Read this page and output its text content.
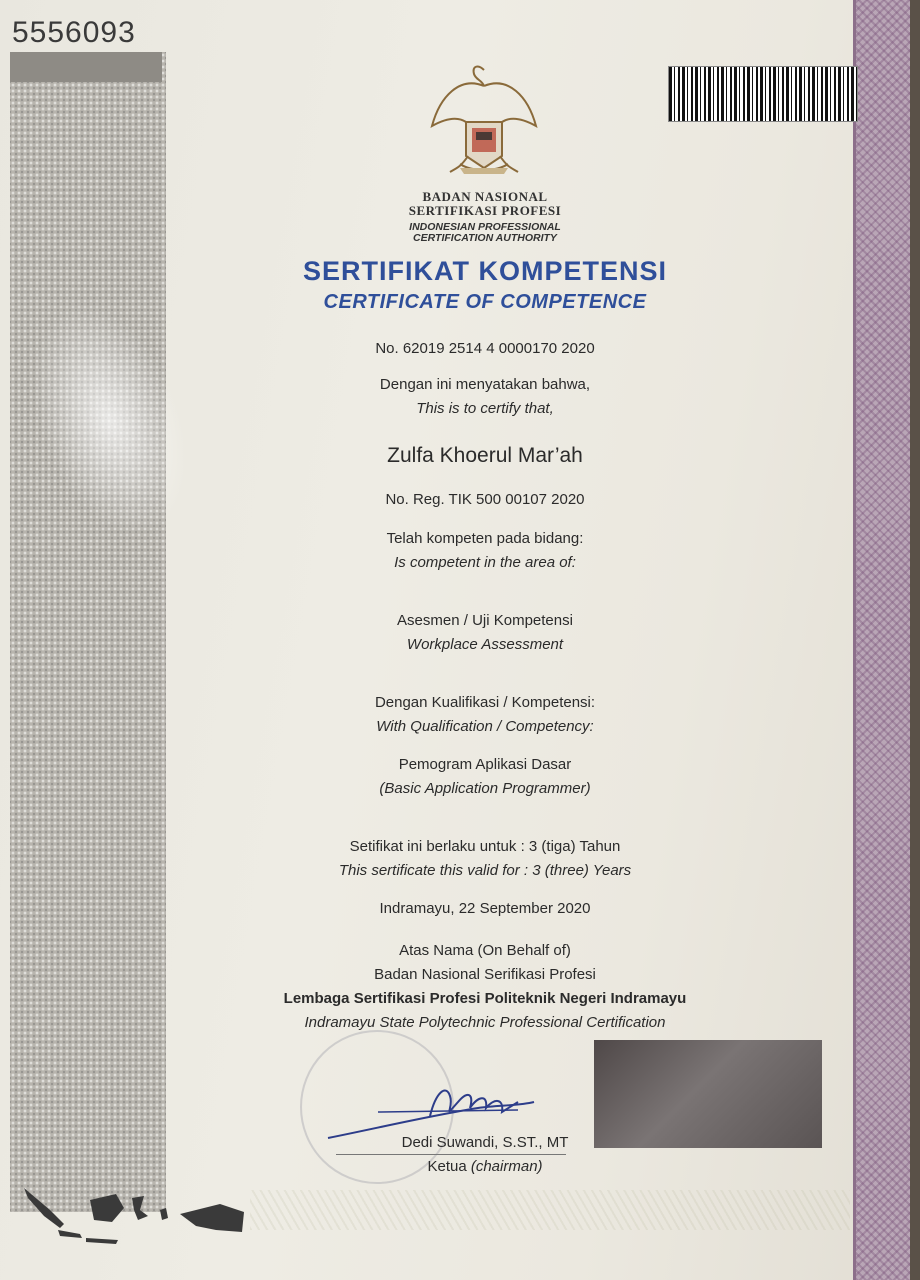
5556093
BADAN NASIONAL
SERTIFIKASI PROFESI
INDONESIAN PROFESSIONAL
CERTIFICATION AUTHORITY
SERTIFIKAT KOMPETENSI
CERTIFICATE OF COMPETENCE
No. 62019 2514 4 0000170 2020
Dengan ini menyatakan bahwa,
This is to certify that,
Zulfa Khoerul Mar’ah
No. Reg. TIK 500 00107 2020
Telah kompeten pada bidang:
Is competent in the area of:
Asesmen / Uji Kompetensi
Workplace Assessment
Dengan Kualifikasi / Kompetensi:
With Qualification / Competency:
Pemogram Aplikasi Dasar
(Basic Application Programmer)
Setifikat ini berlaku untuk : 3 (tiga) Tahun
This sertificate this valid for : 3 (three) Years
Indramayu, 22 September 2020
Atas Nama (On Behalf of)
Badan Nasional Serifikasi Profesi
Lembaga Sertifikasi Profesi Politeknik Negeri Indramayu
Indramayu State Polytechnic Professional Certification
Dedi Suwandi, S.ST., MT
Ketua (chairman)
